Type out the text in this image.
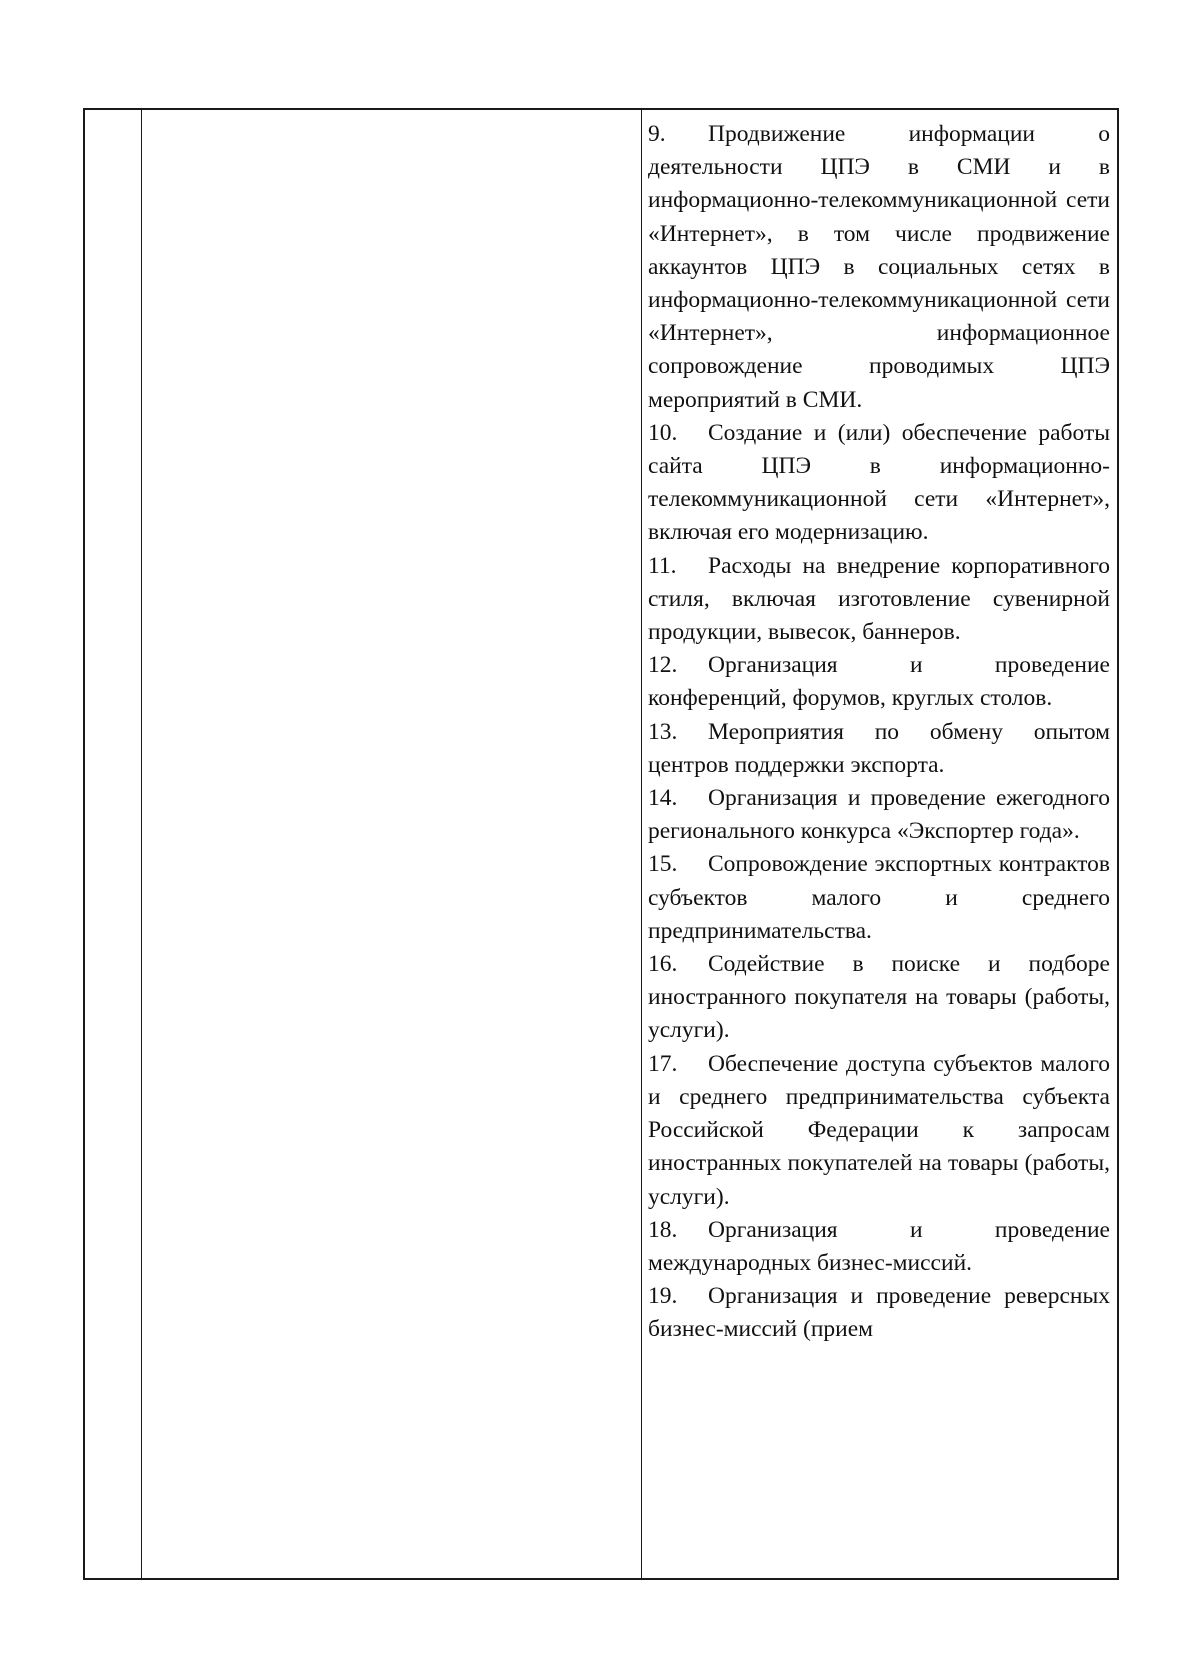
9. Продвижение информации о деятельности ЦПЭ в СМИ и в информационно-телекоммуникационной сети «Интернет», в том числе продвижение аккаунтов ЦПЭ в социальных сетях в информационно-телекоммуникационной сети «Интернет», информационное сопровождение проводимых ЦПЭ мероприятий в СМИ.

10. Создание и (или) обеспечение работы сайта ЦПЭ в информационно-телекоммуникационной сети «Интернет», включая его модернизацию.

11. Расходы на внедрение корпоративного стиля, включая изготовление сувенирной продукции, вывесок, баннеров.

12. Организация и проведение конференций, форумов, круглых столов.

13. Мероприятия по обмену опытом центров поддержки экспорта.

14. Организация и проведение ежегодного регионального конкурса «Экспортер года».

15. Сопровождение экспортных контрактов субъектов малого и среднего предпринимательства.

16. Содействие в поиске и подборе иностранного покупателя на товары (работы, услуги).

17. Обеспечение доступа субъектов малого и среднего предпринимательства субъекта Российской Федерации к запросам иностранных покупателей на товары (работы, услуги).

18. Организация и проведение международных бизнес-миссий.

19. Организация и проведение реверсных бизнес-миссий (прием
